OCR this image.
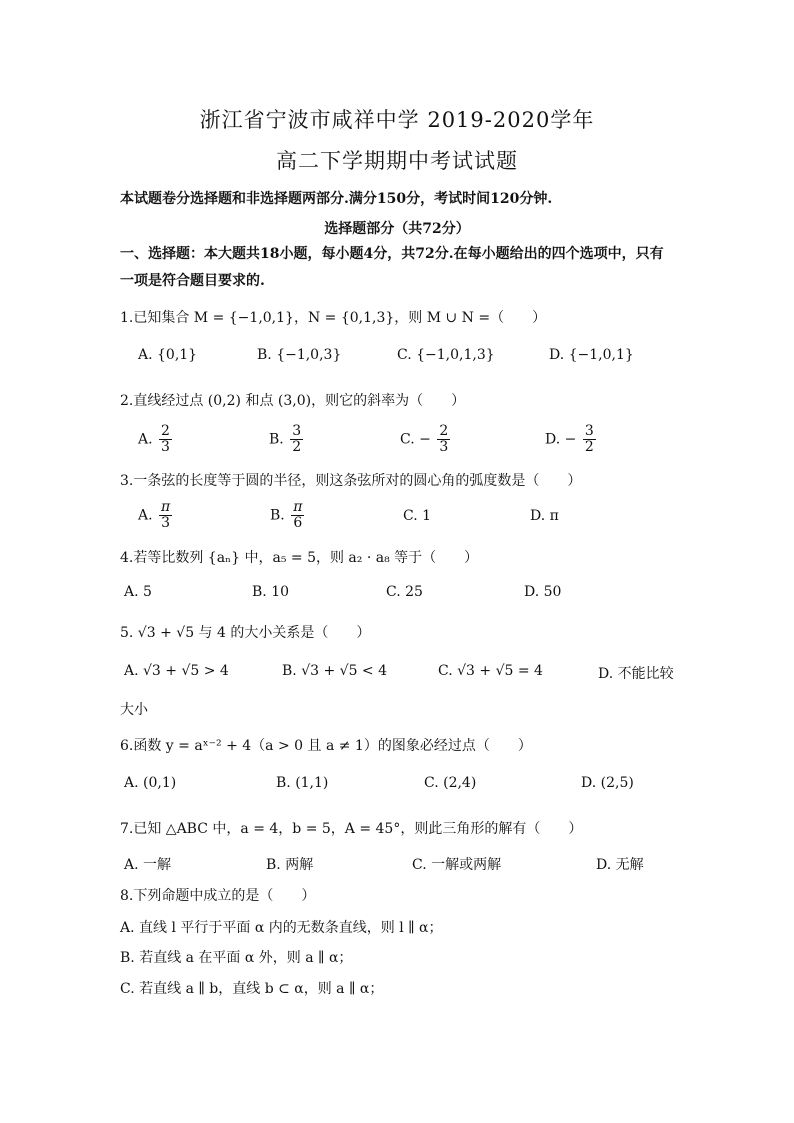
浙江省宁波市咸祥中学 2019-2020学年
高二下学期期中考试试题
本试题卷分选择题和非选择题两部分.满分150分，考试时间120分钟.
选择题部分（共72分）
一、选择题：本大题共18小题，每小题4分，共72分.在每小题给出的四个选项中，只有
一项是符合题目要求的.
1.已知集合 M = {−1,0,1}，N = {0,1,3}，则 M ∪ N =（　　）
A. {0,1}	B. {−1,0,3}	C. {−1,0,1,3}	D. {−1,0,1}
2.直线经过点 (0,2) 和点 (3,0)，则它的斜率为（　　）
A. $\frac{2}{3}$	B. $\frac{3}{2}$	C. − $\frac{2}{3}$	D. − $\frac{3}{2}$
3.一条弦的长度等于圆的半径，则这条弦所对的圆心角的弧度数是（　　）
A. $\frac{\pi}{3}$	B. $\frac{\pi}{6}$	C. 1	D. π
4.若等比数列 {aₙ} 中，a₅ = 5，则 a₂ · a₈ 等于（　　）
A. 5	B. 10	C. 25	D. 50
5. √3 + √5 与 4 的大小关系是（　　）
A. √3 + √5 > 4	B. √3 + √5 < 4	C. √3 + √5 = 4	D. 不能比较
大小
6.函数 y = aˣ⁻² + 4（a > 0 且 a ≠ 1）的图象必经过点（　　）
A. (0,1)	B. (1,1)	C. (2,4)	D. (2,5)
7.已知 △ABC 中，a = 4，b = 5，A = 45°，则此三角形的解有（　　）
A. 一解	B. 两解	C. 一解或两解	D. 无解
8.下列命题中成立的是（　　）
A. 直线 l 平行于平面 α 内的无数条直线，则 l ∥ α；
B. 若直线 a 在平面 α 外，则 a ∥ α；
C. 若直线 a ∥ b，直线 b ⊂ α，则 a ∥ α；
